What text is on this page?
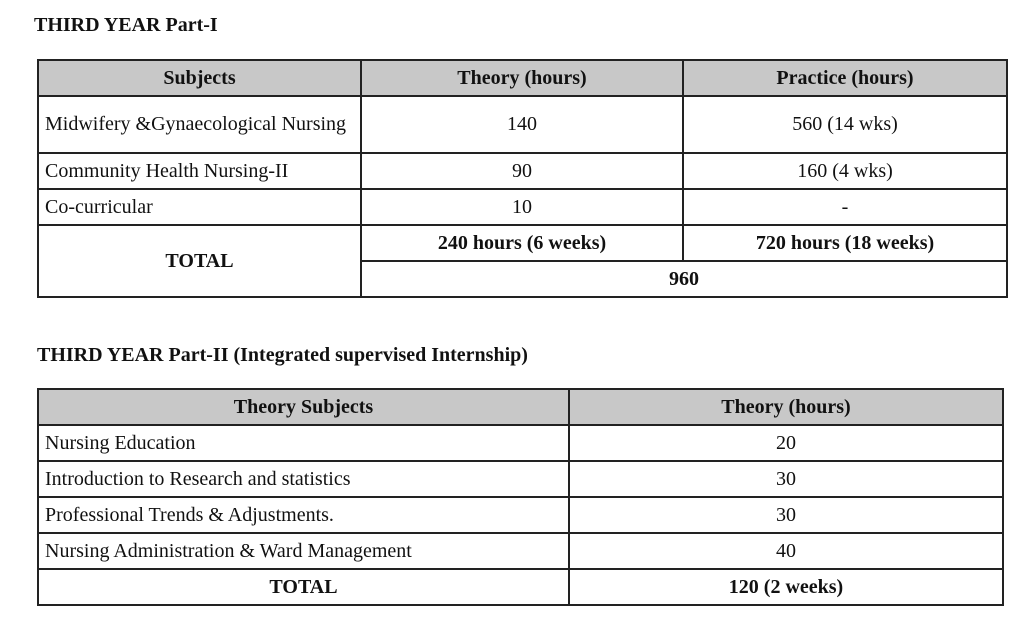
THIRD YEAR Part-I
Subjects	Theory (hours)	Practice (hours)
Midwifery &Gynaecological Nursing	140	560 (14 wks)
Community Health Nursing-II	90	160 (4 wks)
Co-curricular	10	-
TOTAL	240 hours (6 weeks)	720 hours (18 weeks)
	960	
THIRD YEAR Part-II (Integrated supervised Internship)
Theory Subjects	Theory (hours)
Nursing Education	20
Introduction to Research and statistics	30
Professional Trends & Adjustments.	30
Nursing Administration & Ward Management	40
TOTAL	120 (2 weeks)
